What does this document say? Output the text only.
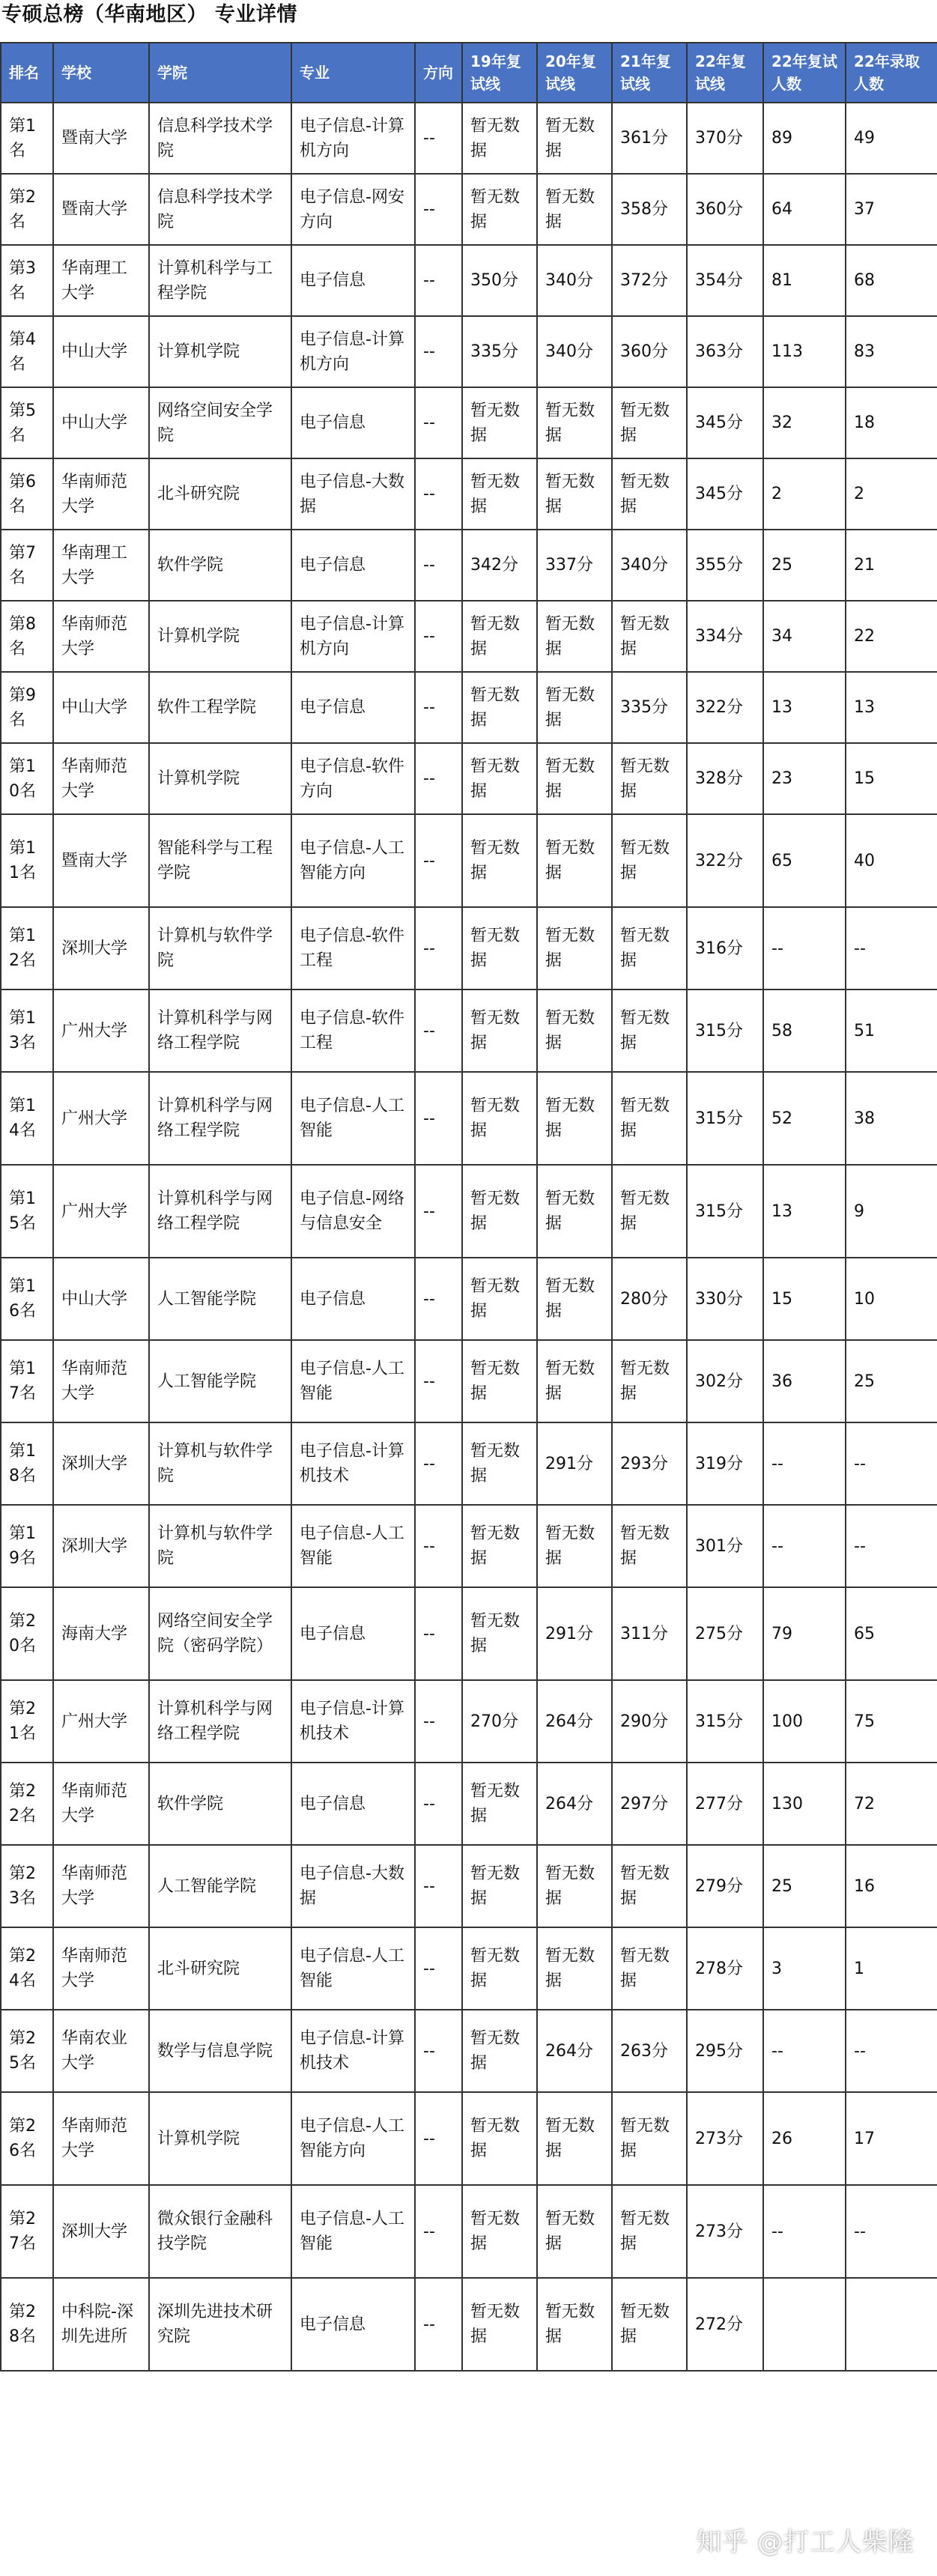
专硕总榜（华南地区） 专业详情
排名	学校	学院	专业	方向	19年复试线	20年复试线	21年复试线	22年复试线	22年复试人数	22年录取人数
第1名	暨南大学	信息科学技术学院	电子信息-计算机方向	--	暂无数据	暂无数据	361分	370分	89	49
第2名	暨南大学	信息科学技术学院	电子信息-网安方向	--	暂无数据	暂无数据	358分	360分	64	37
第3名	华南理工大学	计算机科学与工程学院	电子信息	--	350分	340分	372分	354分	81	68
第4名	中山大学	计算机学院	电子信息-计算机方向	--	335分	340分	360分	363分	113	83
第5名	中山大学	网络空间安全学院	电子信息	--	暂无数据	暂无数据	暂无数据	345分	32	18
第6名	华南师范大学	北斗研究院	电子信息-大数据	--	暂无数据	暂无数据	暂无数据	345分	2	2
第7名	华南理工大学	软件学院	电子信息	--	342分	337分	340分	355分	25	21
第8名	华南师范大学	计算机学院	电子信息-计算机方向	--	暂无数据	暂无数据	暂无数据	334分	34	22
第9名	中山大学	软件工程学院	电子信息	--	暂无数据	暂无数据	335分	322分	13	13
第10名	华南师范大学	计算机学院	电子信息-软件方向	--	暂无数据	暂无数据	暂无数据	328分	23	15
第11名	暨南大学	智能科学与工程学院	电子信息-人工智能方向	--	暂无数据	暂无数据	暂无数据	322分	65	40
第12名	深圳大学	计算机与软件学院	电子信息-软件工程	--	暂无数据	暂无数据	暂无数据	316分	--	--
第13名	广州大学	计算机科学与网络工程学院	电子信息-软件工程	--	暂无数据	暂无数据	暂无数据	315分	58	51
第14名	广州大学	计算机科学与网络工程学院	电子信息-人工智能	--	暂无数据	暂无数据	暂无数据	315分	52	38
第15名	广州大学	计算机科学与网络工程学院	电子信息-网络与信息安全	--	暂无数据	暂无数据	暂无数据	315分	13	9
第16名	中山大学	人工智能学院	电子信息	--	暂无数据	暂无数据	280分	330分	15	10
第17名	华南师范大学	人工智能学院	电子信息-人工智能	--	暂无数据	暂无数据	暂无数据	302分	36	25
第18名	深圳大学	计算机与软件学院	电子信息-计算机技术	--	暂无数据	291分	293分	319分	--	--
第19名	深圳大学	计算机与软件学院	电子信息-人工智能	--	暂无数据	暂无数据	暂无数据	301分	--	--
第20名	海南大学	网络空间安全学院（密码学院）	电子信息	--	暂无数据	291分	311分	275分	79	65
第21名	广州大学	计算机科学与网络工程学院	电子信息-计算机技术	--	270分	264分	290分	315分	100	75
第22名	华南师范大学	软件学院	电子信息	--	暂无数据	264分	297分	277分	130	72
第23名	华南师范大学	人工智能学院	电子信息-大数据	--	暂无数据	暂无数据	暂无数据	279分	25	16
第24名	华南师范大学	北斗研究院	电子信息-人工智能	--	暂无数据	暂无数据	暂无数据	278分	3	1
第25名	华南农业大学	数学与信息学院	电子信息-计算机技术	--	暂无数据	264分	263分	295分	--	--
第26名	华南师范大学	计算机学院	电子信息-人工智能方向	--	暂无数据	暂无数据	暂无数据	273分	26	17
第27名	深圳大学	微众银行金融科技学院	电子信息-人工智能	--	暂无数据	暂无数据	暂无数据	273分	--	--
第28名	中科院-深圳先进所	深圳先进技术研究院	电子信息	--	暂无数据	暂无数据	暂无数据	272分		
知乎 @打工人柴隆
